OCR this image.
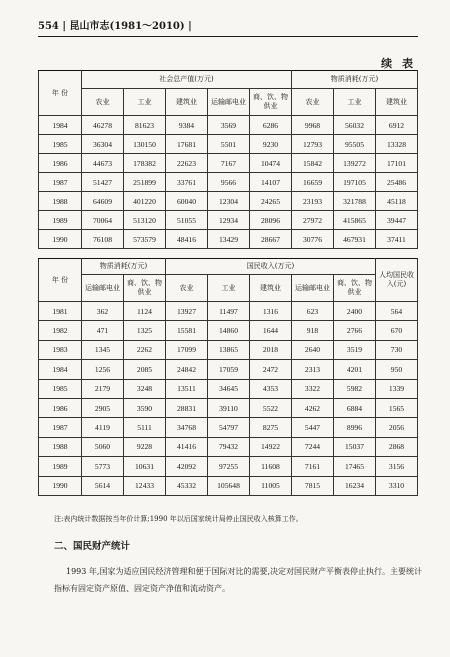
554 | 昆山市志(1981～2010) |
续 表
年 份	社会总产值(万元)					物质消耗(万元)		
	农业	工业	建筑业	运输邮电业	商、饮、物供业	农业	工业	建筑业
1984	46278	81623	9384	3569	6286	9968	56032	6912
1985	36304	130150	17681	5501	9230	12793	95505	13328
1986	44673	178382	22623	7167	10474	15842	139272	17101
1987	51427	251899	33761	9566	14107	16659	197105	25486
1988	64609	401220	60040	12304	24265	23193	321788	45118
1989	70064	513120	51055	12934	28096	27972	415865	39447
1990	76108	573579	48416	13429	28667	30776	467931	37411
年 份	物质消耗(万元)		国民收入(万元)					人均国民收入(元)
	运输邮电业	商、饮、物供业	农业	工业	建筑业	运输邮电业	商、饮、物供业	
1981	362	1124	13927	11497	1316	623	2400	564
1982	471	1325	15581	14860	1644	918	2766	670
1983	1345	2262	17099	13865	2018	2640	3519	730
1984	1256	2085	24842	17059	2472	2313	4201	950
1985	2179	3248	13511	34645	4353	3322	5982	1339
1986	2905	3590	28831	39110	5522	4262	6884	1565
1987	4119	5111	34768	54797	8275	5447	8996	2056
1988	5060	9228	41416	79432	14922	7244	15037	2868
1989	5773	10631	42092	97255	11608	7161	17465	3156
1990	5614	12433	45332	105648	11005	7815	16234	3310
注:表内统计数据按当年价计算;1990 年以后国家统计局停止国民收入核算工作。
二、国民财产统计
1993 年,国家为适应国民经济管理和便于国际对比的需要,决定对国民财产平衡表停止执行。主要统计指标有固定资产原值、固定资产净值和流动资产。
